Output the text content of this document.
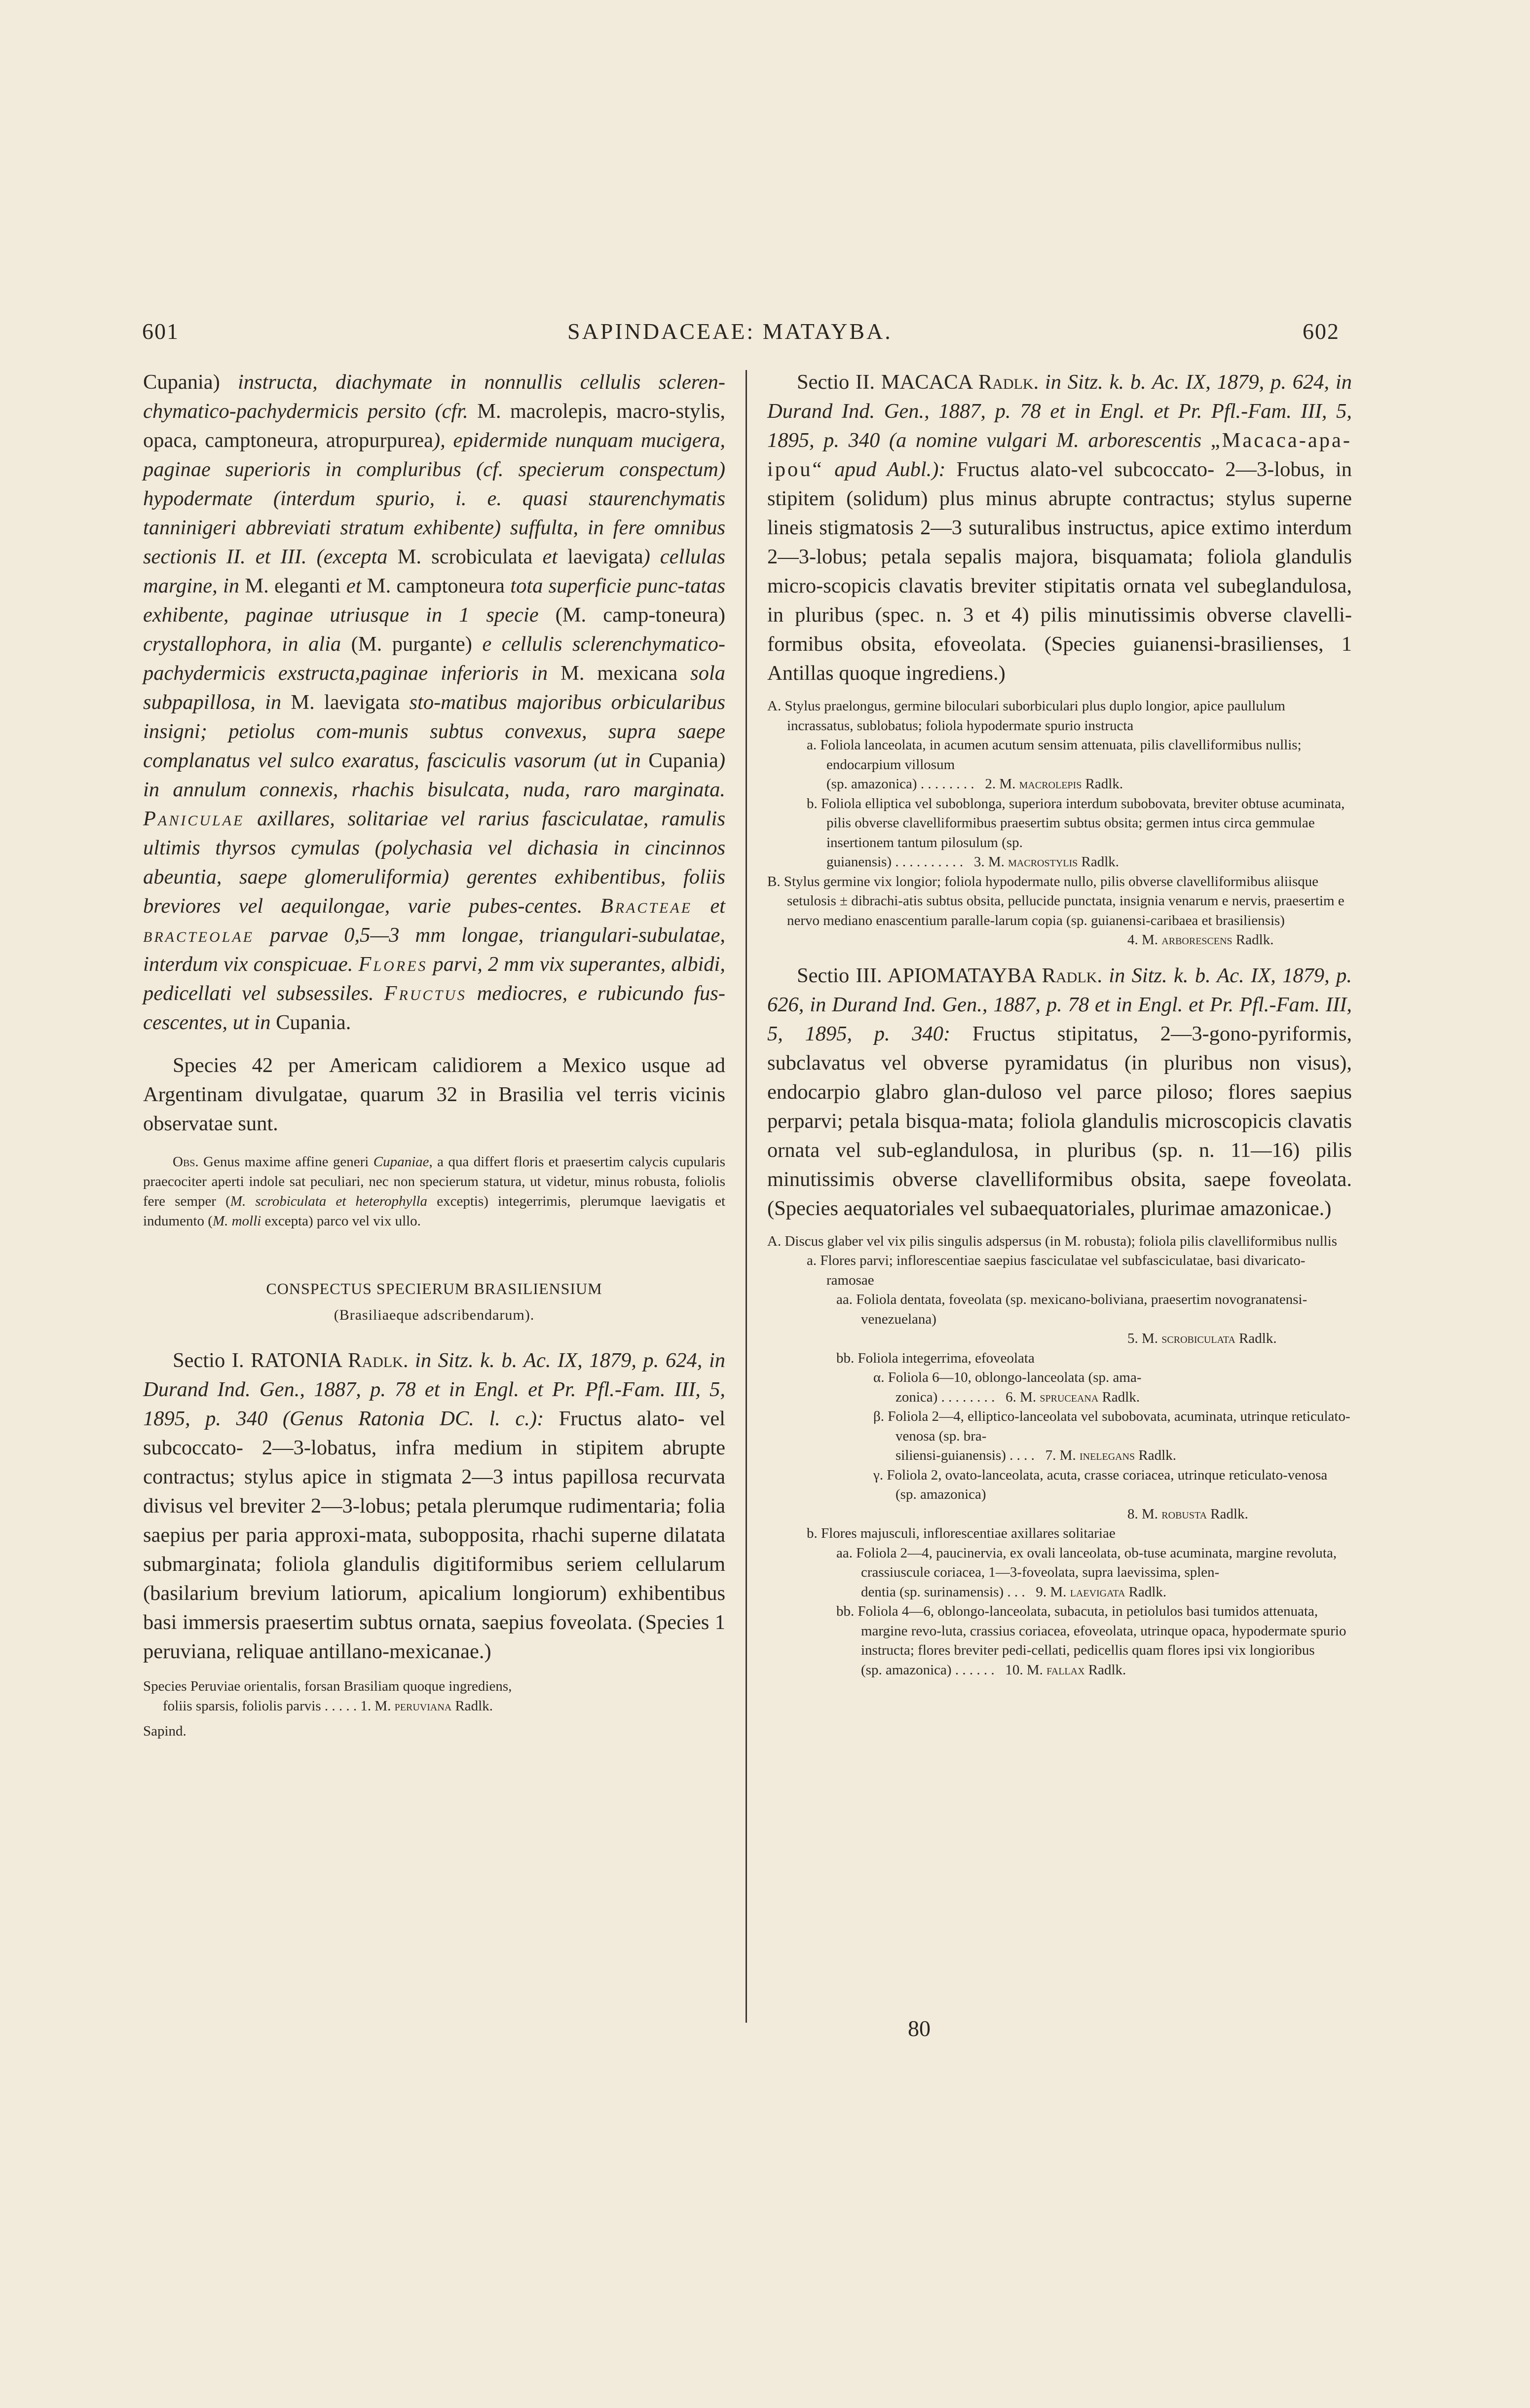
601	SAPINDACEAE: MATAYBA.	602

Cupania) instructa, diachymate in nonnullis cellulis scleren-chymatico-pachydermicis persito (cfr. M. macrolepis, macro-stylis, opaca, camptoneura, atropurpurea), epidermide nunquam mucigera, paginae superioris in compluribus (cf. specierum conspectum) hypodermate (interdum spurio, i. e. quasi staurenchymatis tanninigeri abbreviati stratum exhibente) suffulta, in fere omnibus sectionis II. et III. (excepta M. scrobiculata et laevigata) cellulas margine, in M. eleganti et M. camptoneura tota superficie punc-tatas exhibente, paginae utriusque in 1 specie (M. camp-toneura) crystallophora, in alia (M. purgante) e cellulis sclerenchymatico-pachydermicis exstructa,paginae inferioris in M. mexicana sola subpapillosa, in M. laevigata sto-matibus majoribus orbicularibus insigni; petiolus com-munis subtus convexus, supra saepe complanatus vel sulco exaratus, fasciculis vasorum (ut in Cupania) in annulum connexis, rhachis bisulcata, nuda, raro marginata. Paniculae axillares, solitariae vel rarius fasciculatae, ramulis ultimis thyrsos cymulas (polychasia vel dichasia in cincinnos abeuntia, saepe glomeruliformia) gerentes exhibentibus, foliis breviores vel aequilongae, varie pubes-centes. Bracteae et bracteolae parvae 0,5—3 mm longae, triangulari-subulatae, interdum vix conspicuae. Flores parvi, 2 mm vix superantes, albidi, pedicellati vel subsessiles. Fructus mediocres, e rubicundo fus-cescentes, ut in Cupania.

Species 42 per Americam calidiorem a Mexico usque ad Argentinam divulgatae, quarum 32 in Brasilia vel terris vicinis observatae sunt.

Obs. Genus maxime affine generi Cupaniae, a qua differt floris et praesertim calycis cupularis praecociter aperti indole sat peculiari, nec non specierum statura, ut videtur, minus robusta, foliolis fere semper (M. scrobiculata et heterophylla exceptis) integerrimis, plerumque laevigatis et indumento (M. molli excepta) parco vel vix ullo.

CONSPECTUS SPECIERUM BRASILIENSIUM

(Brasiliaeque adscribendarum).

Sectio I. RATONIA Radlk. in Sitz. k. b. Ac. IX, 1879, p. 624, in Durand Ind. Gen., 1887, p. 78 et in Engl. et Pr. Pfl.-Fam. III, 5, 1895, p. 340 (Genus Ratonia DC. l. c.): Fructus alato- vel subcoccato- 2—3-lobatus, infra medium in stipitem abrupte contractus; stylus apice in stigmata 2—3 intus papillosa recurvata divisus vel breviter 2—3-lobus; petala plerumque rudimentaria; folia saepius per paria approxi-mata, subopposita, rhachi superne dilatata submarginata; foliola glandulis digitiformibus seriem cellularum (basilarium brevium latiorum, apicalium longiorum) exhibentibus basi immersis praesertim subtus ornata, saepius foveolata. (Species 1 peruviana, reliquae antillano-mexicanae.)

Species Peruviae orientalis, forsan Brasiliam quoque ingrediens,

foliis sparsis, foliolis parvis . . . . . 1. M. peruviana Radlk.

Sapind.

Sectio II. MACACA Radlk. in Sitz. k. b. Ac. IX, 1879, p. 624, in Durand Ind. Gen., 1887, p. 78 et in Engl. et Pr. Pfl.-Fam. III, 5, 1895, p. 340 (a nomine vulgari M. arborescentis „Macaca-apa-ipou“ apud Aubl.): Fructus alato-vel subcoccato- 2—3-lobus, in stipitem (solidum) plus minus abrupte contractus; stylus superne lineis stigmatosis 2—3 suturalibus instructus, apice extimo interdum 2—3-lobus; petala sepalis majora, bisquamata; foliola glandulis micro-scopicis clavatis breviter stipitatis ornata vel subeglandulosa, in pluribus (spec. n. 3 et 4) pilis minutissimis obverse clavelli-formibus obsita, efoveolata. (Species guianensi-brasilienses, 1 Antillas quoque ingrediens.)

A. Stylus praelongus, germine biloculari suborbiculari plus duplo longior, apice paullulum incrassatus, sublobatus; foliola hypodermate spurio instructa

a. Foliola lanceolata, in acumen acutum sensim attenuata, pilis clavelliformibus nullis; endocarpium villosum

(sp. amazonica) . . . . . . . . 2. M. macrolepis Radlk.

b. Foliola elliptica vel suboblonga, superiora interdum subobovata, breviter obtuse acuminata, pilis obverse clavelliformibus praesertim subtus obsita; germen intus circa gemmulae insertionem tantum pilosulum (sp.

guianensis) . . . . . . . . . . 3. M. macrostylis Radlk.

B. Stylus germine vix longior; foliola hypodermate nullo, pilis obverse clavelliformibus aliisque setulosis ± dibrachi-atis subtus obsita, pellucide punctata, insignia venarum e nervis, praesertim e nervo mediano enascentium paralle-larum copia (sp. guianensi-caribaea et brasiliensis)

4. M. arborescens Radlk.

Sectio III. APIOMATAYBA Radlk. in Sitz. k. b. Ac. IX, 1879, p. 626, in Durand Ind. Gen., 1887, p. 78 et in Engl. et Pr. Pfl.-Fam. III, 5, 1895, p. 340: Fructus stipitatus, 2—3-gono-pyriformis, subclavatus vel obverse pyramidatus (in pluribus non visus), endocarpio glabro glan-duloso vel parce piloso; flores saepius perparvi; petala bisqua-mata; foliola glandulis microscopicis clavatis ornata vel sub-eglandulosa, in pluribus (sp. n. 11—16) pilis minutissimis obverse clavelliformibus obsita, saepe foveolata. (Species aequatoriales vel subaequatoriales, plurimae amazonicae.)

A. Discus glaber vel vix pilis singulis adspersus (in M. robusta); foliola pilis clavelliformibus nullis

a. Flores parvi; inflorescentiae saepius fasciculatae vel subfasciculatae, basi divaricato-ramosae

aa. Foliola dentata, foveolata (sp. mexicano-boliviana, praesertim novogranatensi-venezuelana)

5. M. scrobiculata Radlk.

bb. Foliola integerrima, efoveolata

α. Foliola 6—10, oblongo-lanceolata (sp. ama-

zonica) . . . . . . . . 6. M. spruceana Radlk.

β. Foliola 2—4, elliptico-lanceolata vel subobovata, acuminata, utrinque reticulato-venosa (sp. bra-

siliensi-guianensis) . . . . 7. M. inelegans Radlk.

γ. Foliola 2, ovato-lanceolata, acuta, crasse coriacea, utrinque reticulato-venosa (sp. amazonica)

8. M. robusta Radlk.

b. Flores majusculi, inflorescentiae axillares solitariae

aa. Foliola 2—4, paucinervia, ex ovali lanceolata, ob-tuse acuminata, margine revoluta, crassiuscule coriacea, 1—3-foveolata, supra laevissima, splen-

dentia (sp. surinamensis) . . . 9. M. laevigata Radlk.

bb. Foliola 4—6, oblongo-lanceolata, subacuta, in petiolulos basi tumidos attenuata, margine revo-luta, crassius coriacea, efoveolata, utrinque opaca, hypodermate spurio instructa; flores breviter pedi-cellati, pedicellis quam flores ipsi vix longioribus

(sp. amazonica) . . . . . . 10. M. fallax Radlk.

80
